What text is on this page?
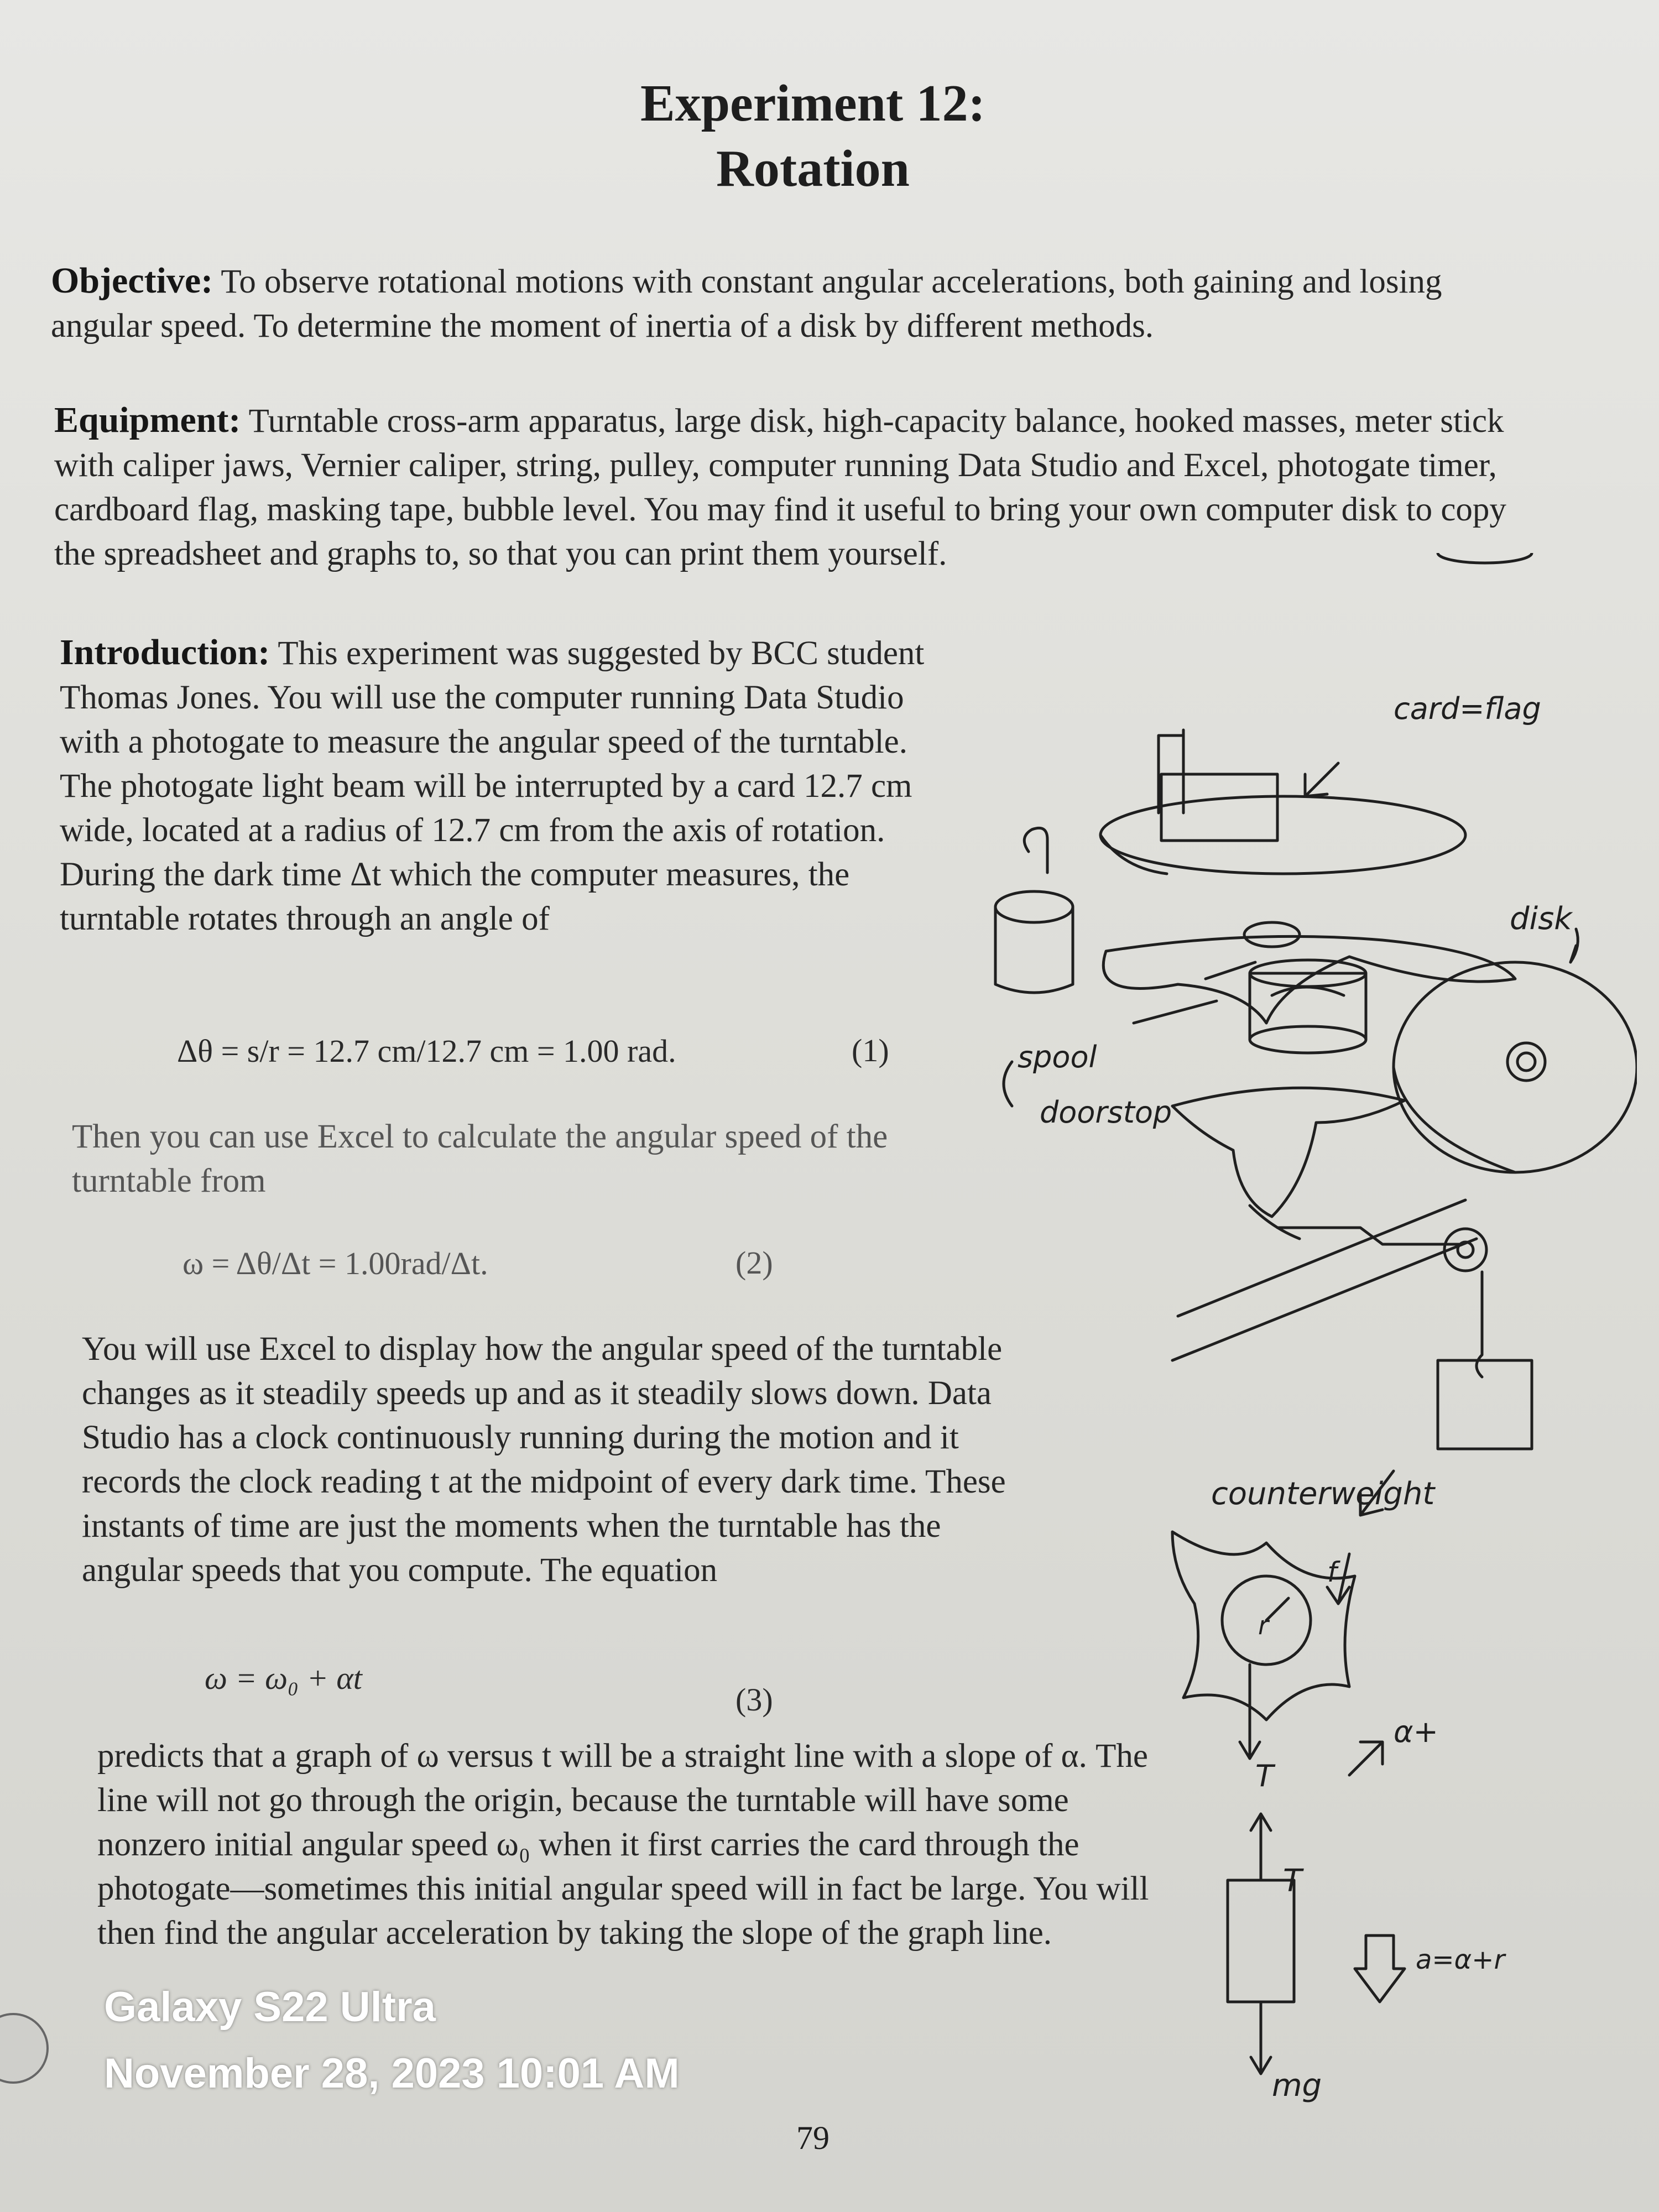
Experiment 12:
Rotation
Objective: To observe rotational motions with constant angular accelerations, both gaining and losing angular speed. To determine the moment of inertia of a disk by different methods.
Equipment: Turntable cross-arm apparatus, large disk, high-capacity balance, hooked masses, meter stick with caliper jaws, Vernier caliper, string, pulley, computer running Data Studio and Excel, photogate timer, cardboard flag, masking tape, bubble level. You may find it useful to bring your own computer disk to copy the spreadsheet and graphs to, so that you can print them yourself.
Introduction: This experiment was suggested by BCC student Thomas Jones. You will use the computer running Data Studio with a photogate to measure the angular speed of the turntable. The photogate light beam will be interrupted by a card 12.7 cm wide, located at a radius of 12.7 cm from the axis of rotation. During the dark time Δt which the computer measures, the turntable rotates through an angle of
Δθ = s/r = 12.7 cm/12.7 cm = 1.00 rad.	(1)
Then you can use Excel to calculate the angular speed of the turntable from
ω = Δθ/Δt = 1.00rad/Δt.	(2)
You will use Excel to display how the angular speed of the turntable changes as it steadily speeds up and as it steadily slows down. Data Studio has a clock continuously running during the motion and it records the clock reading t at the midpoint of every dark time. These instants of time are just the moments when the turntable has the angular speeds that you compute. The equation
ω = ω₀ + αt
(3)
predicts that a graph of ω versus t will be a straight line with a slope of α. The line will not go through the origin, because the turntable will have some nonzero initial angular speed ω₀ when it first carries the card through the photogate—sometimes this initial angular speed will in fact be large. You will then find the angular acceleration by taking the slope of the graph line.
card=flag
disk
spool
doorstop
counterweight
f
r
T
α+
T
a=α+r
mg
79
Galaxy S22 Ultra
November 28, 2023 10:01 AM
